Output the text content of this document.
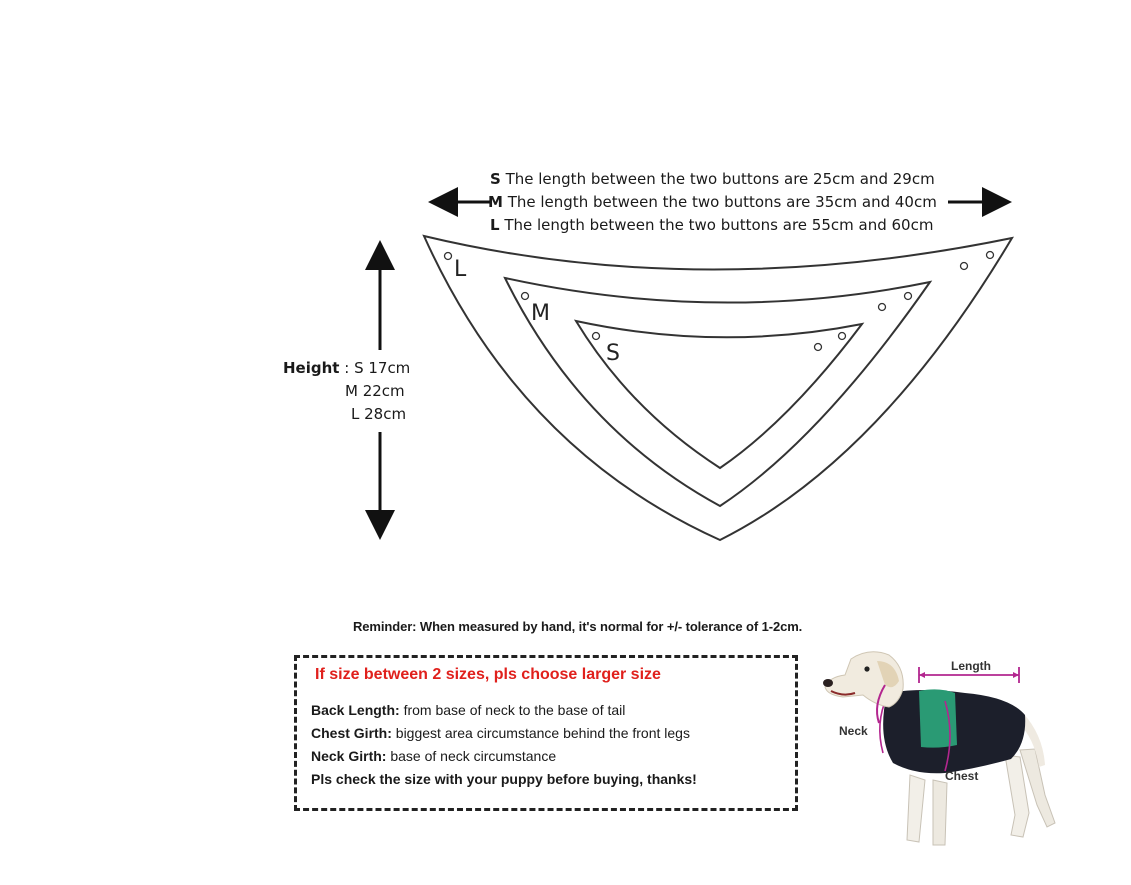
S The length between the two buttons are 25cm and 29cm
M The length between the two buttons are 35cm and 40cm
L The length between the two buttons are 55cm and 60cm
L
M
S
Height : S 17cm
M 22cm
L 28cm
Reminder: When measured by hand, it's normal for +/- tolerance of 1-2cm.
If size between 2 sizes, pls choose larger size
Back Length: from base of neck to the base of tail
Chest Girth: biggest area circumstance behind the front legs
Neck Girth: base of neck circumstance
Pls check the size with your puppy before buying, thanks!
Length
Neck
Chest
